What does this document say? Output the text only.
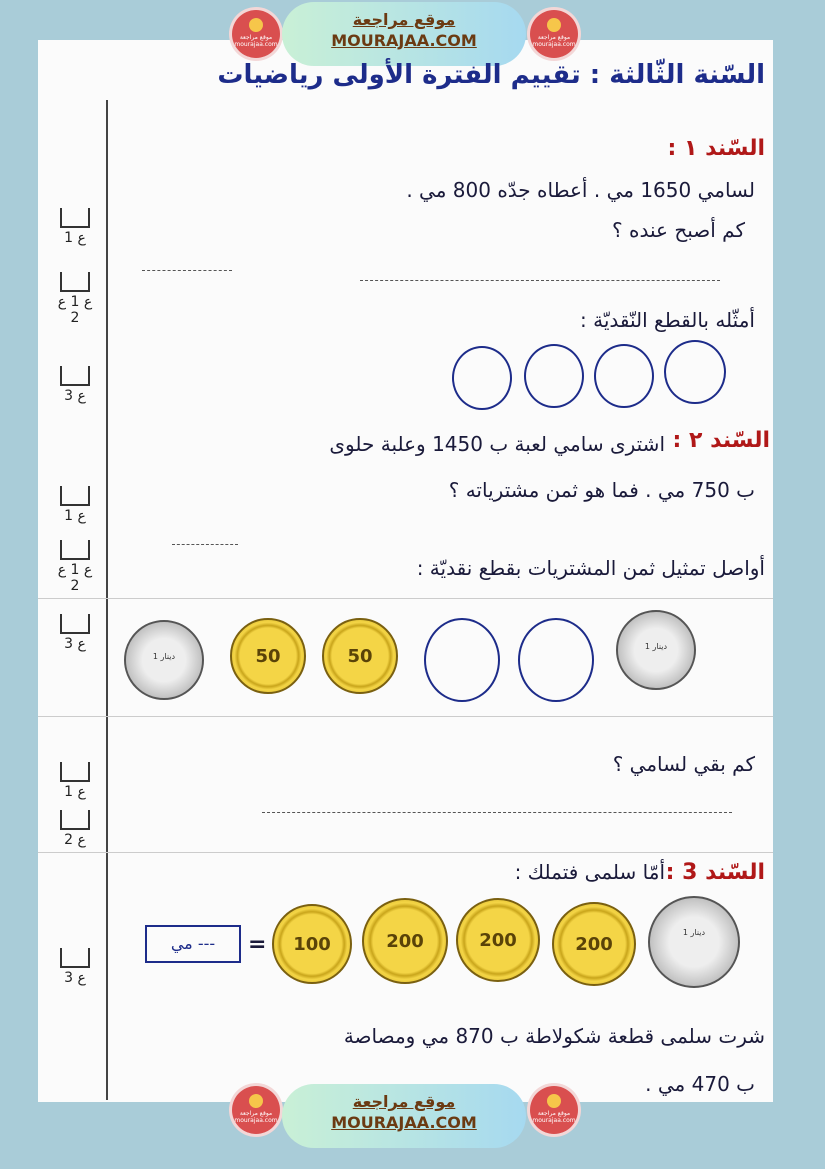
موقع مراجعة mourajaa.com
موقع مراجعة
MOURAJAA.COM	موقع مراجعة mourajaa.com
السّنة الثّالثة : تقييم الفترة الأولى رياضيات
السّند ١ :
لسامي 1650 مي . أعطاه جدّه 800 مي .
كم أصبح عنده ؟
أمثّله بالقطع النّقديّة :
ع 1
ع 1 ع 2
ع 3
السّند ٢ :
اشترى سامي لعبة ب 1450 وعلبة حلوى
ب 750 مي . فما هو ثمن مشترياته ؟
أواصل تمثيل ثمن المشتريات بقطع نقديّة :
دينار 1	50	50	دينار 1
كم بقي لسامي ؟
ع 1
ع 1 ع 2
ع 3
ع 1
ع 2
السّند 3 :
أمّا سلمى فتملك :
مي ---	=	100	200	200	200
دينار 1
شرت سلمى قطعة شكولاطة ب 870 مي ومصاصة
ب 470 مي .
ع 3
موقع مراجعة mourajaa.com
موقع مراجعة
MOURAJAA.COM	موقع مراجعة mourajaa.com
